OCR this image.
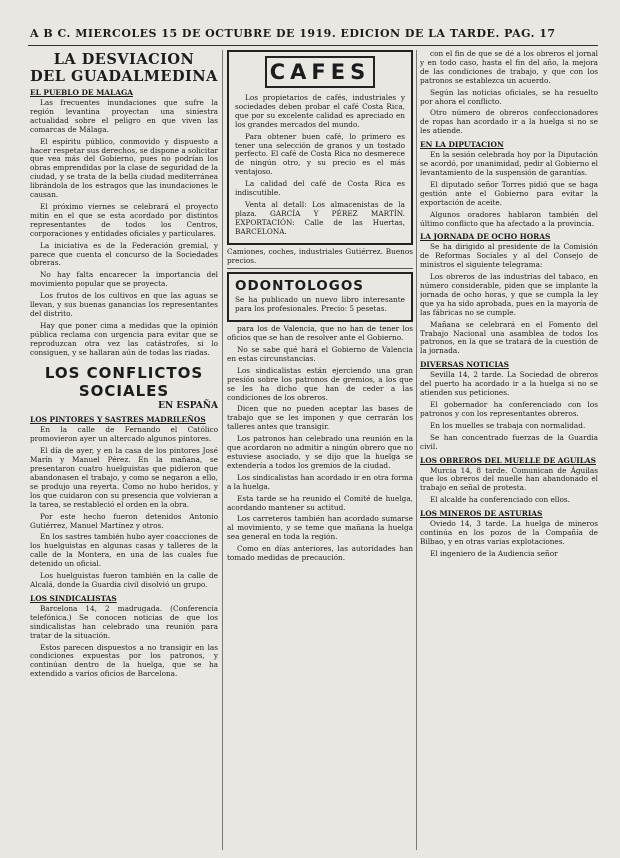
A B C. MIERCOLES 15 DE OCTUBRE DE 1919. EDICION DE LA TARDE. PAG. 17
LA DESVIACION
DEL GUADALMEDINA
EL PUEBLO DE MALAGA

Las frecuentes inundaciones que sufre la región levantina proyectan una siniestra actualidad sobre el peligro en que viven las comarcas de Málaga.

El espíritu público, conmovido y dispuesto a hacer respetar sus derechos, se dispone a solicitar que vea más del Gobierno, pues no podrían los obras emprendidas por la clase de seguridad de la ciudad, y se trata de la bella ciudad mediterránea librándola de los estragos que las inundaciones le causan.

El próximo viernes se celebrará el proyecto mitin en el que se esta acordado por distintos representantes de todos los Centros, corporaciones y entidades oficiales y particulares.

La iniciativa es de la Federación gremial, y parece que cuenta el concurso de la Sociedades obreras.

No hay falta encarecer la importancia del movimiento popular que se proyecta.

Los frutos de los cultivos en que las aguas se llevan, y sus buenas ganancias los representantes del distrito.

Hay que poner cima a medidas que la opinión pública reclama con urgencia para evitar que se reproduzcan otra vez las catástrofes, si lo consiguen, y se hallaran aún de todas las riadas.

LOS CONFLICTOS
SOCIALES
EN ESPAÑA
LOS PINTORES Y SASTRES MADRILEÑOS

En la calle de Fernando el Católico promovieron ayer un altercado algunos pintores.

El día de ayer, y en la casa de los pintores José Marín y Manuel Pérez. En la mañana, se presentaron cuatro huelguistas que pidieron que abandonasen el trabajo, y como se negaron a ello, se produjo una reyerta. Como no hubo heridos, y los que cuidaron con su presencia que volvieran a la tarea, se restableció el orden en la obra.

Por este hecho fueron detenidos Antonio Gutiérrez, Manuel Martínez y otros.

En los sastres también hubo ayer coacciones de los huelguistas en algunas casas y talleres de la calle de la Montera, en una de las cuales fue detenido un oficial.

Los huelguistas fueron también en la calle de Alcalá, donde la Guardia civil disolvió un grupo.

LOS SINDICALISTAS

Barcelona 14, 2 madrugada. (Conferencia telefónica.) Se conocen noticias de que los sindicalistas han celebrado una reunión para tratar de la situación.

Estos parecen dispuestos a no transigir en las condiciones expuestas por los patronos, y continúan dentro de la huelga, que se ha extendido a varios oficios de Barcelona.

CAFES

Los propietarios de cafés, industriales y sociedades deben probar el café Costa Rica, que por su excelente calidad es apreciado en los grandes mercados del mundo.

Para obtener buen café, lo primero es tener una selección de granos y un tostado perfecto. El café de Costa Rica no desmerece de ningún otro, y su precio es el más ventajoso.

La calidad del café de Costa Rica es indiscutible.

Venta al detall: Los almacenistas de la plaza. GARCÍA Y PÉREZ MARTÍN. EXPORTACIÓN: Calle de las Huertas, BARCELONA.

Camiones, coches, industriales Gutiérrez. Buenos precios.

ODONTOLOGOS

Se ha publicado un nuevo libro interesante para los profesionales. Precio: 5 pesetas.

para los de Valencia, que no han de tener los oficios que se han de resolver ante el Gobierno.

No se sabe qué hará el Gobierno de Valencia en estas circunstancias.

Los sindicalistas están ejerciendo una gran presión sobre los patronos de gremios, a los que se les ha dicho que han de ceder a las condiciones de los obreros.

Dicen que no pueden aceptar las bases de trabajo que se les imponen y que cerrarán los talleres antes que transigir.

Los patronos han celebrado una reunión en la que acordaron no admitir a ningún obrero que no estuviese asociado, y se dijo que la huelga se extendería a todos los gremios de la ciudad.

Los sindicalistas han acordado ir en otra forma a la huelga.

Esta tarde se ha reunido el Comité de huelga, acordando mantener su actitud.

Los carreteros también han acordado sumarse al movimiento, y se teme que mañana la huelga sea general en toda la región.

Como en días anteriores, las autoridades han tomado medidas de precaución.

con el fin de que se dé a los obreros el jornal y en todo caso, hasta el fin del año, la mejora de las condiciones de trabajo, y que con los patronos se establezca un acuerdo.

Según las noticias oficiales, se ha resuelto por ahora el conflicto.

Otro número de obreros confeccionadores de ropas han acordado ir a la huelga si no se les atiende.

EN LA DIPUTACION

En la sesión celebrada hoy por la Diputación se acordó, por unanimidad, pedir al Gobierno el levantamiento de la suspensión de garantías.

El diputado señor Torres pidió que se haga gestión ante el Gobierno para evitar la exportación de aceite.

Algunos oradores hablaron también del último conflicto que ha afectado a la provincia.

LA JORNADA DE OCHO HORAS

Se ha dirigido al presidente de la Comisión de Reformas Sociales y al del Consejo de ministros el siguiente telegrama:

Los obreros de las industrias del tabaco, en número considerable, piden que se implante la jornada de ocho horas, y que se cumpla la ley que ya ha sido aprobada, pues en la mayoría de las fábricas no se cumple.

Mañana se celebrará en el Fomento del Trabajo Nacional una asamblea de todos los patronos, en la que se tratará de la cuestión de la jornada.

DIVERSAS NOTICIAS

Sevilla 14, 2 tarde. La Sociedad de obreros del puerto ha acordado ir a la huelga si no se atienden sus peticiones.

El gobernador ha conferenciado con los patronos y con los representantes obreros.

En los muelles se trabaja con normalidad.

Se han concentrado fuerzas de la Guardia civil.

LOS OBREROS DEL MUELLE DE AGUILAS

Murcia 14, 8 tarde. Comunican de Águilas que los obreros del muelle han abandonado el trabajo en señal de protesta.

El alcalde ha conferenciado con ellos.

LOS MINEROS DE ASTURIAS

Oviedo 14, 3 tarde. La huelga de mineros continúa en los pozos de la Compañía de Bilbao, y en otras varias explotaciones.

El ingeniero de la Audiencia señor
